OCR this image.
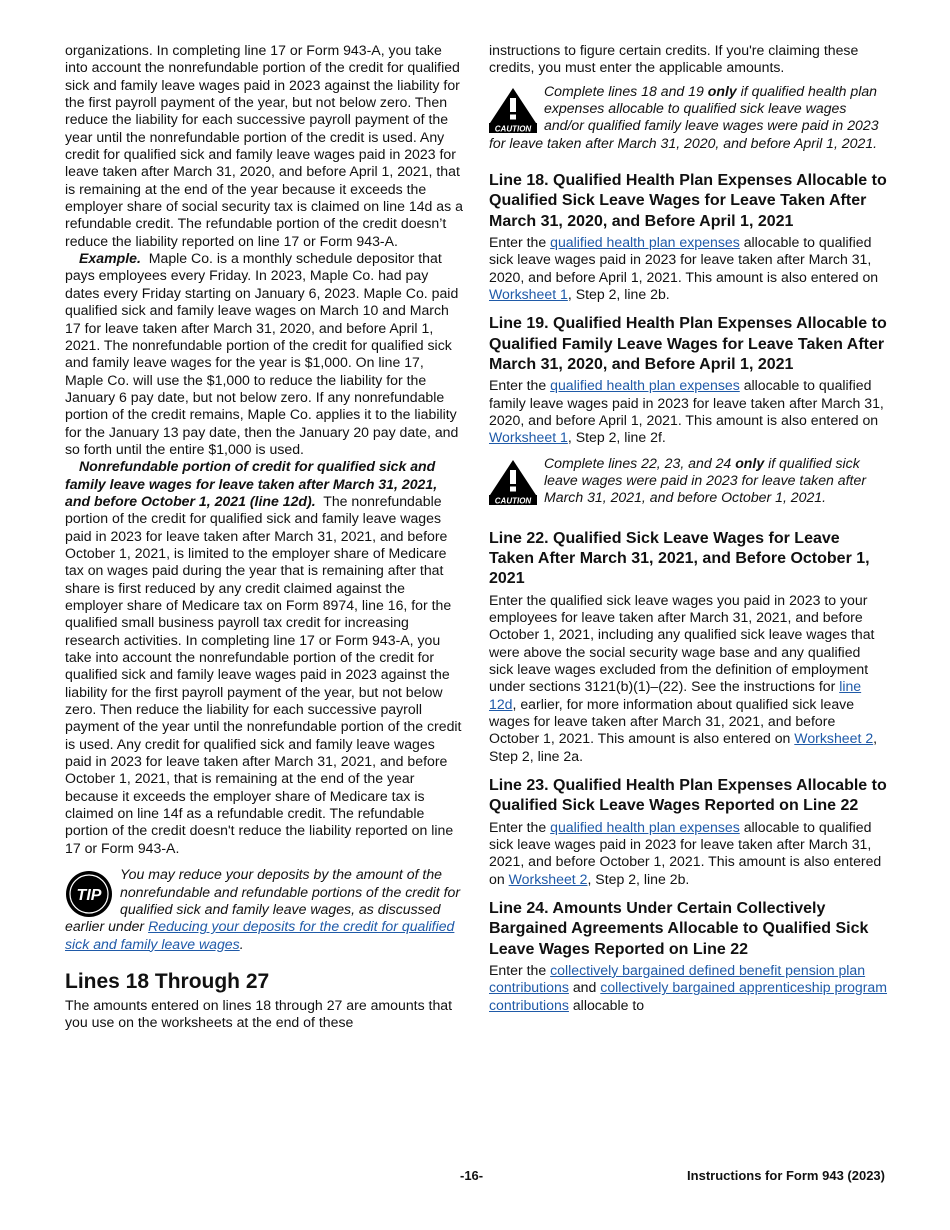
organizations. In completing line 17 or Form 943-A, you take into account the nonrefundable portion of the credit for qualified sick and family leave wages paid in 2023 against the liability for the first payroll payment of the year, but not below zero. Then reduce the liability for each successive payroll payment of the year until the nonrefundable portion of the credit is used. Any credit for qualified sick and family leave wages paid in 2023 for leave taken after March 31, 2020, and before April 1, 2021, that is remaining at the end of the year because it exceeds the employer share of social security tax is claimed on line 14d as a refundable credit. The refundable portion of the credit doesn’t reduce the liability reported on line 17 or Form 943-A.

Example. Maple Co. is a monthly schedule depositor that pays employees every Friday. In 2023, Maple Co. had pay dates every Friday starting on January 6, 2023. Maple Co. paid qualified sick and family leave wages on March 10 and March 17 for leave taken after March 31, 2020, and before April 1, 2021. The nonrefundable portion of the credit for qualified sick and family leave wages for the year is $1,000. On line 17, Maple Co. will use the $1,000 to reduce the liability for the January 6 pay date, but not below zero. If any nonrefundable portion of the credit remains, Maple Co. applies it to the liability for the January 13 pay date, then the January 20 pay date, and so forth until the entire $1,000 is used.

Nonrefundable portion of credit for qualified sick and family leave wages for leave taken after March 31, 2021, and before October 1, 2021 (line 12d). The nonrefundable portion of the credit for qualified sick and family leave wages paid in 2023 for leave taken after March 31, 2021, and before October 1, 2021, is limited to the employer share of Medicare tax on wages paid during the year that is remaining after that share is first reduced by any credit claimed against the employer share of Medicare tax on Form 8974, line 16, for the qualified small business payroll tax credit for increasing research activities. In completing line 17 or Form 943-A, you take into account the nonrefundable portion of the credit for qualified sick and family leave wages paid in 2023 against the liability for the first payroll payment of the year, but not below zero. Then reduce the liability for each successive payroll payment of the year until the nonrefundable portion of the credit is used. Any credit for qualified sick and family leave wages paid in 2023 for leave taken after March 31, 2021, and before October 1, 2021, that is remaining at the end of the year because it exceeds the employer share of Medicare tax is claimed on line 14f as a refundable credit. The refundable portion of the credit doesn't reduce the liability reported on line 17 or Form 943-A.

TIP
You may reduce your deposits by the amount of the nonrefundable and refundable portions of the credit for qualified sick and family leave wages, as discussed earlier under Reducing your deposits for the credit for qualified sick and family leave wages.

Lines 18 Through 27

The amounts entered on lines 18 through 27 are amounts that you use on the worksheets at the end of these

instructions to figure certain credits. If you're claiming these credits, you must enter the applicable amounts.

CAUTION
Complete lines 18 and 19 only if qualified health plan expenses allocable to qualified sick leave wages and/or qualified family leave wages were paid in 2023 for leave taken after March 31, 2020, and before April 1, 2021.

Line 18. Qualified Health Plan Expenses Allocable to Qualified Sick Leave Wages for Leave Taken After March 31, 2020, and Before April 1, 2021

Enter the qualified health plan expenses allocable to qualified sick leave wages paid in 2023 for leave taken after March 31, 2020, and before April 1, 2021. This amount is also entered on Worksheet 1, Step 2, line 2b.

Line 19. Qualified Health Plan Expenses Allocable to Qualified Family Leave Wages for Leave Taken After March 31, 2020, and Before April 1, 2021

Enter the qualified health plan expenses allocable to qualified family leave wages paid in 2023 for leave taken after March 31, 2020, and before April 1, 2021. This amount is also entered on Worksheet 1, Step 2, line 2f.

CAUTION
Complete lines 22, 23, and 24 only if qualified sick leave wages were paid in 2023 for leave taken after March 31, 2021, and before October 1, 2021.

Line 22. Qualified Sick Leave Wages for Leave Taken After March 31, 2021, and Before October 1, 2021

Enter the qualified sick leave wages you paid in 2023 to your employees for leave taken after March 31, 2021, and before October 1, 2021, including any qualified sick leave wages that were above the social security wage base and any qualified sick leave wages excluded from the definition of employment under sections 3121(b)(1)–(22). See the instructions for line 12d, earlier, for more information about qualified sick leave wages for leave taken after March 31, 2021, and before October 1, 2021. This amount is also entered on Worksheet 2, Step 2, line 2a.

Line 23. Qualified Health Plan Expenses Allocable to Qualified Sick Leave Wages Reported on Line 22

Enter the qualified health plan expenses allocable to qualified sick leave wages paid in 2023 for leave taken after March 31, 2021, and before October 1, 2021. This amount is also entered on Worksheet 2, Step 2, line 2b.

Line 24. Amounts Under Certain Collectively Bargained Agreements Allocable to Qualified Sick Leave Wages Reported on Line 22

Enter the collectively bargained defined benefit pension plan contributions and collectively bargained apprenticeship program contributions allocable to

-16-	Instructions for Form 943 (2023)
